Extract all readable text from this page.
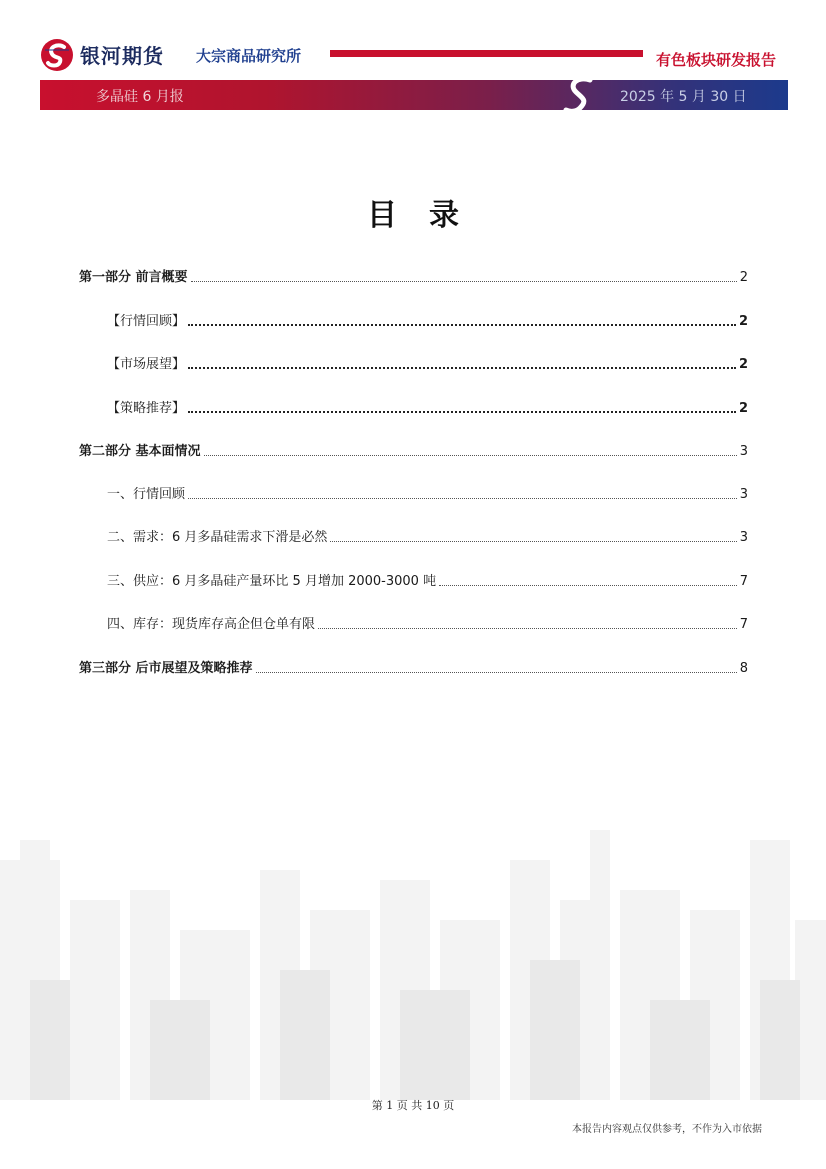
银河期货 大宗商品研究所	有色板块研发报告
多晶硅 6 月报	2025 年 5 月 30 日
目录
第一部分 前言概要	2
【行情回顾】	2
【市场展望】	2
【策略推荐】	2
第二部分 基本面情况	3
一、行情回顾	3
二、需求：6 月多晶硅需求下滑是必然	3
三、供应：6 月多晶硅产量环比 5 月增加 2000-3000 吨	7
四、库存：现货库存高企但仓单有限	7
第三部分 后市展望及策略推荐	8
第 1 页 共 10 页
本报告内容观点仅供参考，不作为入市依据
